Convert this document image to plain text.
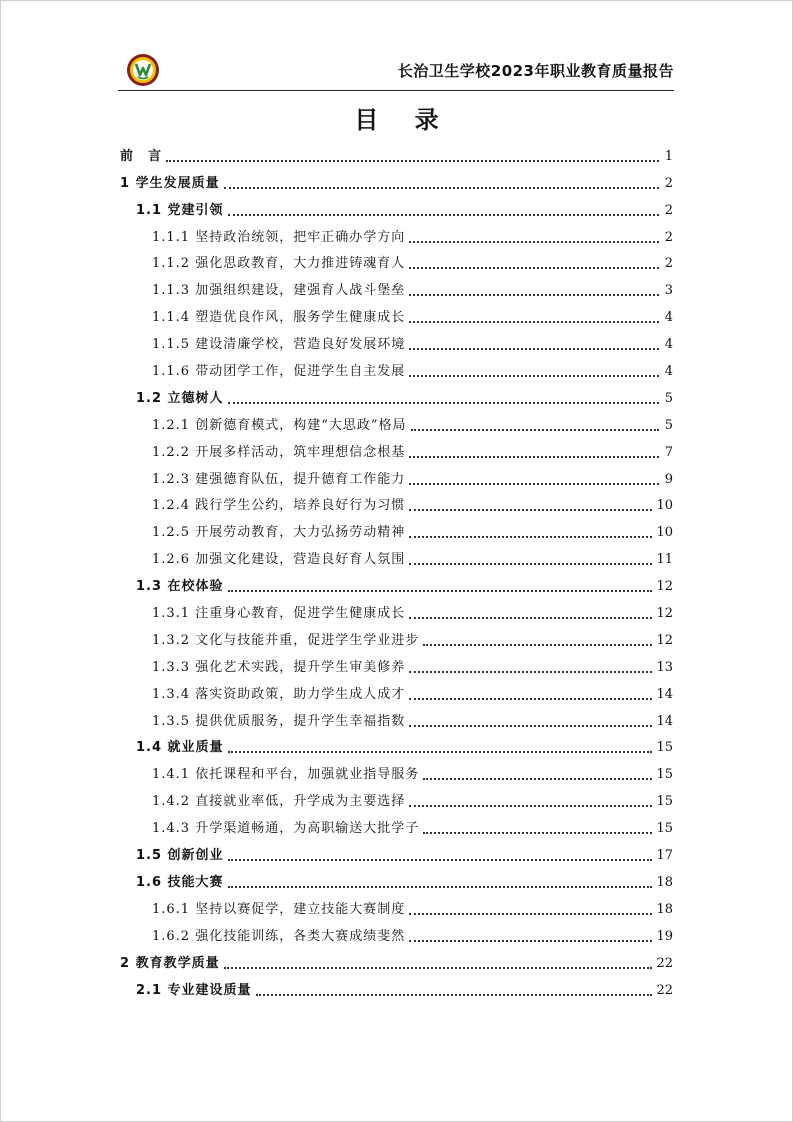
长治卫生学校2023年职业教育质量报告
目 录
前　言	1
1 学生发展质量	2
1.1 党建引领	2
1.1.1 坚持政治统领，把牢正确办学方向	2
1.1.2 强化思政教育，大力推进铸魂育人	2
1.1.3 加强组织建设，建强育人战斗堡垒	3
1.1.4 塑造优良作风，服务学生健康成长	4
1.1.5 建设清廉学校，营造良好发展环境	4
1.1.6 带动团学工作，促进学生自主发展	4
1.2 立德树人	5
1.2.1 创新德育模式，构建“大思政”格局	5
1.2.2 开展多样活动，筑牢理想信念根基	7
1.2.3 建强德育队伍，提升德育工作能力	9
1.2.4 践行学生公约，培养良好行为习惯	10
1.2.5 开展劳动教育，大力弘扬劳动精神	10
1.2.6 加强文化建设，营造良好育人氛围	11
1.3 在校体验	12
1.3.1 注重身心教育，促进学生健康成长	12
1.3.2 文化与技能并重，促进学生学业进步	12
1.3.3 强化艺术实践，提升学生审美修养	13
1.3.4 落实资助政策，助力学生成人成才	14
1.3.5 提供优质服务，提升学生幸福指数	14
1.4 就业质量	15
1.4.1 依托课程和平台，加强就业指导服务	15
1.4.2 直接就业率低，升学成为主要选择	15
1.4.3 升学渠道畅通，为高职输送大批学子	15
1.5 创新创业	17
1.6 技能大赛	18
1.6.1 坚持以赛促学，建立技能大赛制度	18
1.6.2 强化技能训练，各类大赛成绩斐然	19
2 教育教学质量	22
2.1 专业建设质量	22
